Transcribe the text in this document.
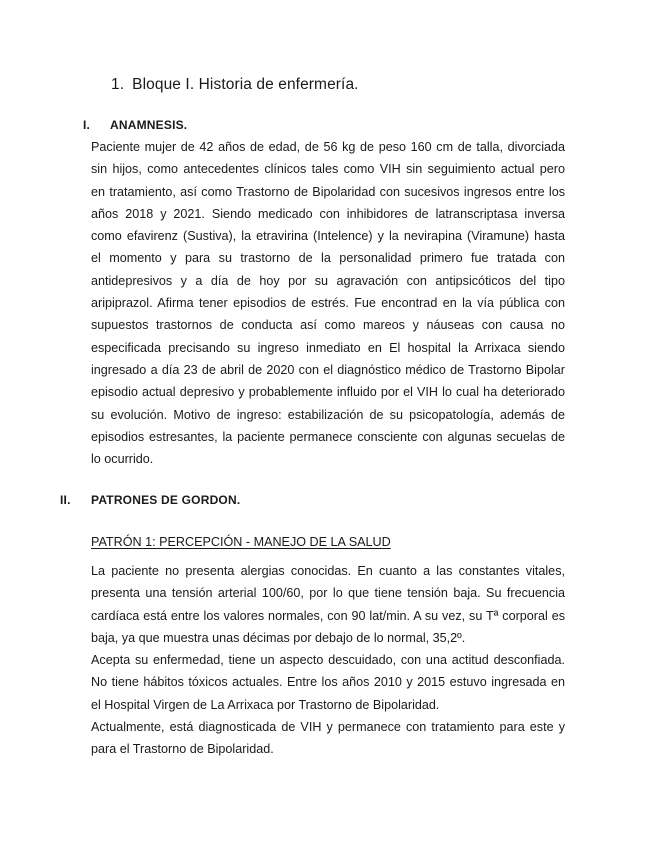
1. Bloque I. Historia de enfermería.
I. ANAMNESIS.
Paciente mujer de 42 años de edad, de 56 kg de peso 160 cm de talla, divorciada
sin hijos, como antecedentes clínicos tales como VIH sin seguimiento actual pero
en tratamiento, así como Trastorno de Bipolaridad con sucesivos ingresos entre los
años 2018 y 2021. Siendo medicado con inhibidores de latranscriptasa inversa
como efavirenz (Sustiva), la etravirina (Intelence) y la nevirapina (Viramune) hasta
el momento y para su trastorno de la personalidad primero fue tratada con
antidepresivos y a día de hoy por su agravación con antipsicóticos del tipo
aripiprazol. Afirma tener episodios de estrés. Fue encontrad en la vía pública con
supuestos trastornos de conducta así como mareos y náuseas con causa no
especificada precisando su ingreso inmediato en El hospital la Arrixaca siendo
ingresado a día 23 de abril de 2020 con el diagnóstico médico de Trastorno Bipolar
episodio actual depresivo y probablemente influido por el VIH lo cual ha deteriorado
su evolución. Motivo de ingreso: estabilización de su psicopatología, además de
episodios estresantes, la paciente permanece consciente con algunas secuelas de
lo ocurrido.
II. PATRONES DE GORDON.
PATRÓN 1: PERCEPCIÓN - MANEJO DE LA SALUD
La paciente no presenta alergias conocidas. En cuanto a las constantes vitales,
presenta una tensión arterial 100/60, por lo que tiene tensión baja. Su frecuencia
cardíaca está entre los valores normales, con 90 lat/min. A su vez, su Tª corporal es
baja, ya que muestra unas décimas por debajo de lo normal, 35,2º.
Acepta su enfermedad, tiene un aspecto descuidado, con una actitud desconfiada.
No tiene hábitos tóxicos actuales. Entre los años 2010 y 2015 estuvo ingresada en
el Hospital Virgen de La Arrixaca por Trastorno de Bipolaridad.
Actualmente, está diagnosticada de VIH y permanece con tratamiento para este y
para el Trastorno de Bipolaridad.
